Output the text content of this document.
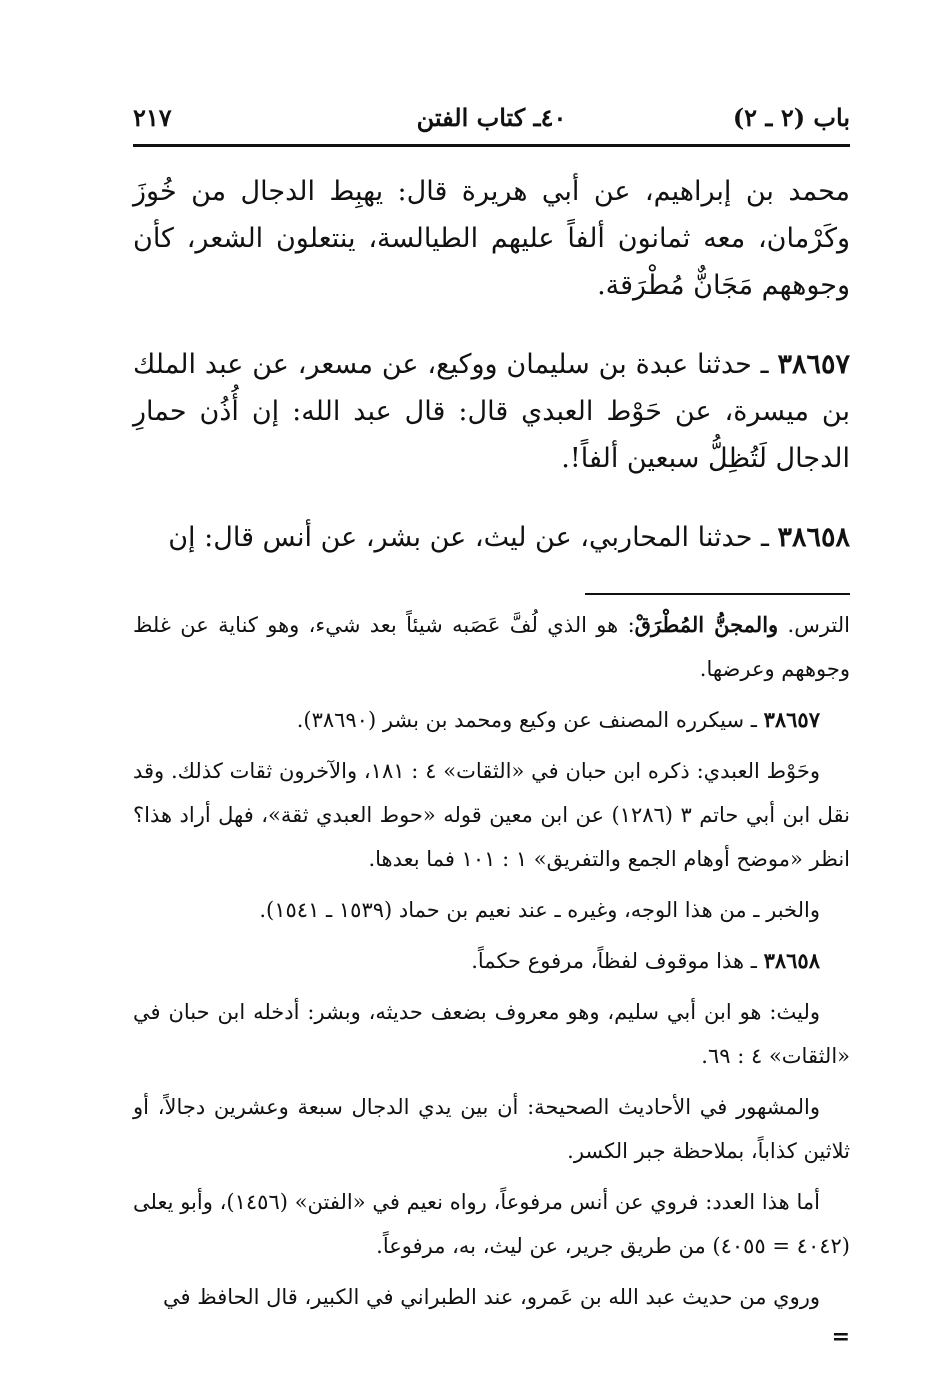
باب (٢ ـ ٢)
٤٠ـ كتاب الفتن
٢١٧

محمد بن إبراهيم، عن أبي هريرة قال: يهبِط الدجال من خُوزَ وكَرْمان، معه ثمانون ألفاً عليهم الطيالسة، ينتعلون الشعر، كأن وجوههم مَجَانٌّ مُطْرَقة.

٣٨٦٥٧ ـ حدثنا عبدة بن سليمان ووكيع، عن مسعر، عن عبد الملك بن ميسرة، عن حَوْط العبدي قال: قال عبد الله: إن أُذُن حمارِ الدجال لَتُظِلُّ سبعين ألفاً!.

٣٨٦٥٨ ـ حدثنا المحاربي، عن ليث، عن بشر، عن أنس قال: إن

الترس. والمجنُّ المُطْرَقْ: هو الذي لُفَّ عَصَبه شيئاً بعد شيء، وهو كناية عن غلظ وجوههم وعرضها.

٣٨٦٥٧ ـ سيكرره المصنف عن وكيع ومحمد بن بشر (٣٨٦٩٠).

وحَوْط العبدي: ذكره ابن حبان في «الثقات» ٤ : ١٨١، والآخرون ثقات كذلك. وقد نقل ابن أبي حاتم ٣ (١٢٨٦) عن ابن معين قوله «حوط العبدي ثقة»، فهل أراد هذا؟ انظر «موضح أوهام الجمع والتفريق» ١ : ١٠١ فما بعدها.

والخبر ـ من هذا الوجه، وغيره ـ عند نعيم بن حماد (١٥٣٩ ـ ١٥٤١).

٣٨٦٥٨ ـ هذا موقوف لفظاً، مرفوع حكماً.

وليث: هو ابن أبي سليم، وهو معروف بضعف حديثه، وبشر: أدخله ابن حبان في «الثقات» ٤ : ٦٩.

والمشهور في الأحاديث الصحيحة: أن بين يدي الدجال سبعة وعشرين دجالاً، أو ثلاثين كذاباً، بملاحظة جبر الكسر.

أما هذا العدد: فروي عن أنس مرفوعاً، رواه نعيم في «الفتن» (١٤٥٦)، وأبو يعلى (٤٠٤٢ = ٤٠٥٥) من طريق جرير، عن ليث، به، مرفوعاً.

وروي من حديث عبد الله بن عَمرو، عند الطبراني في الكبير، قال الحافظ في

=
